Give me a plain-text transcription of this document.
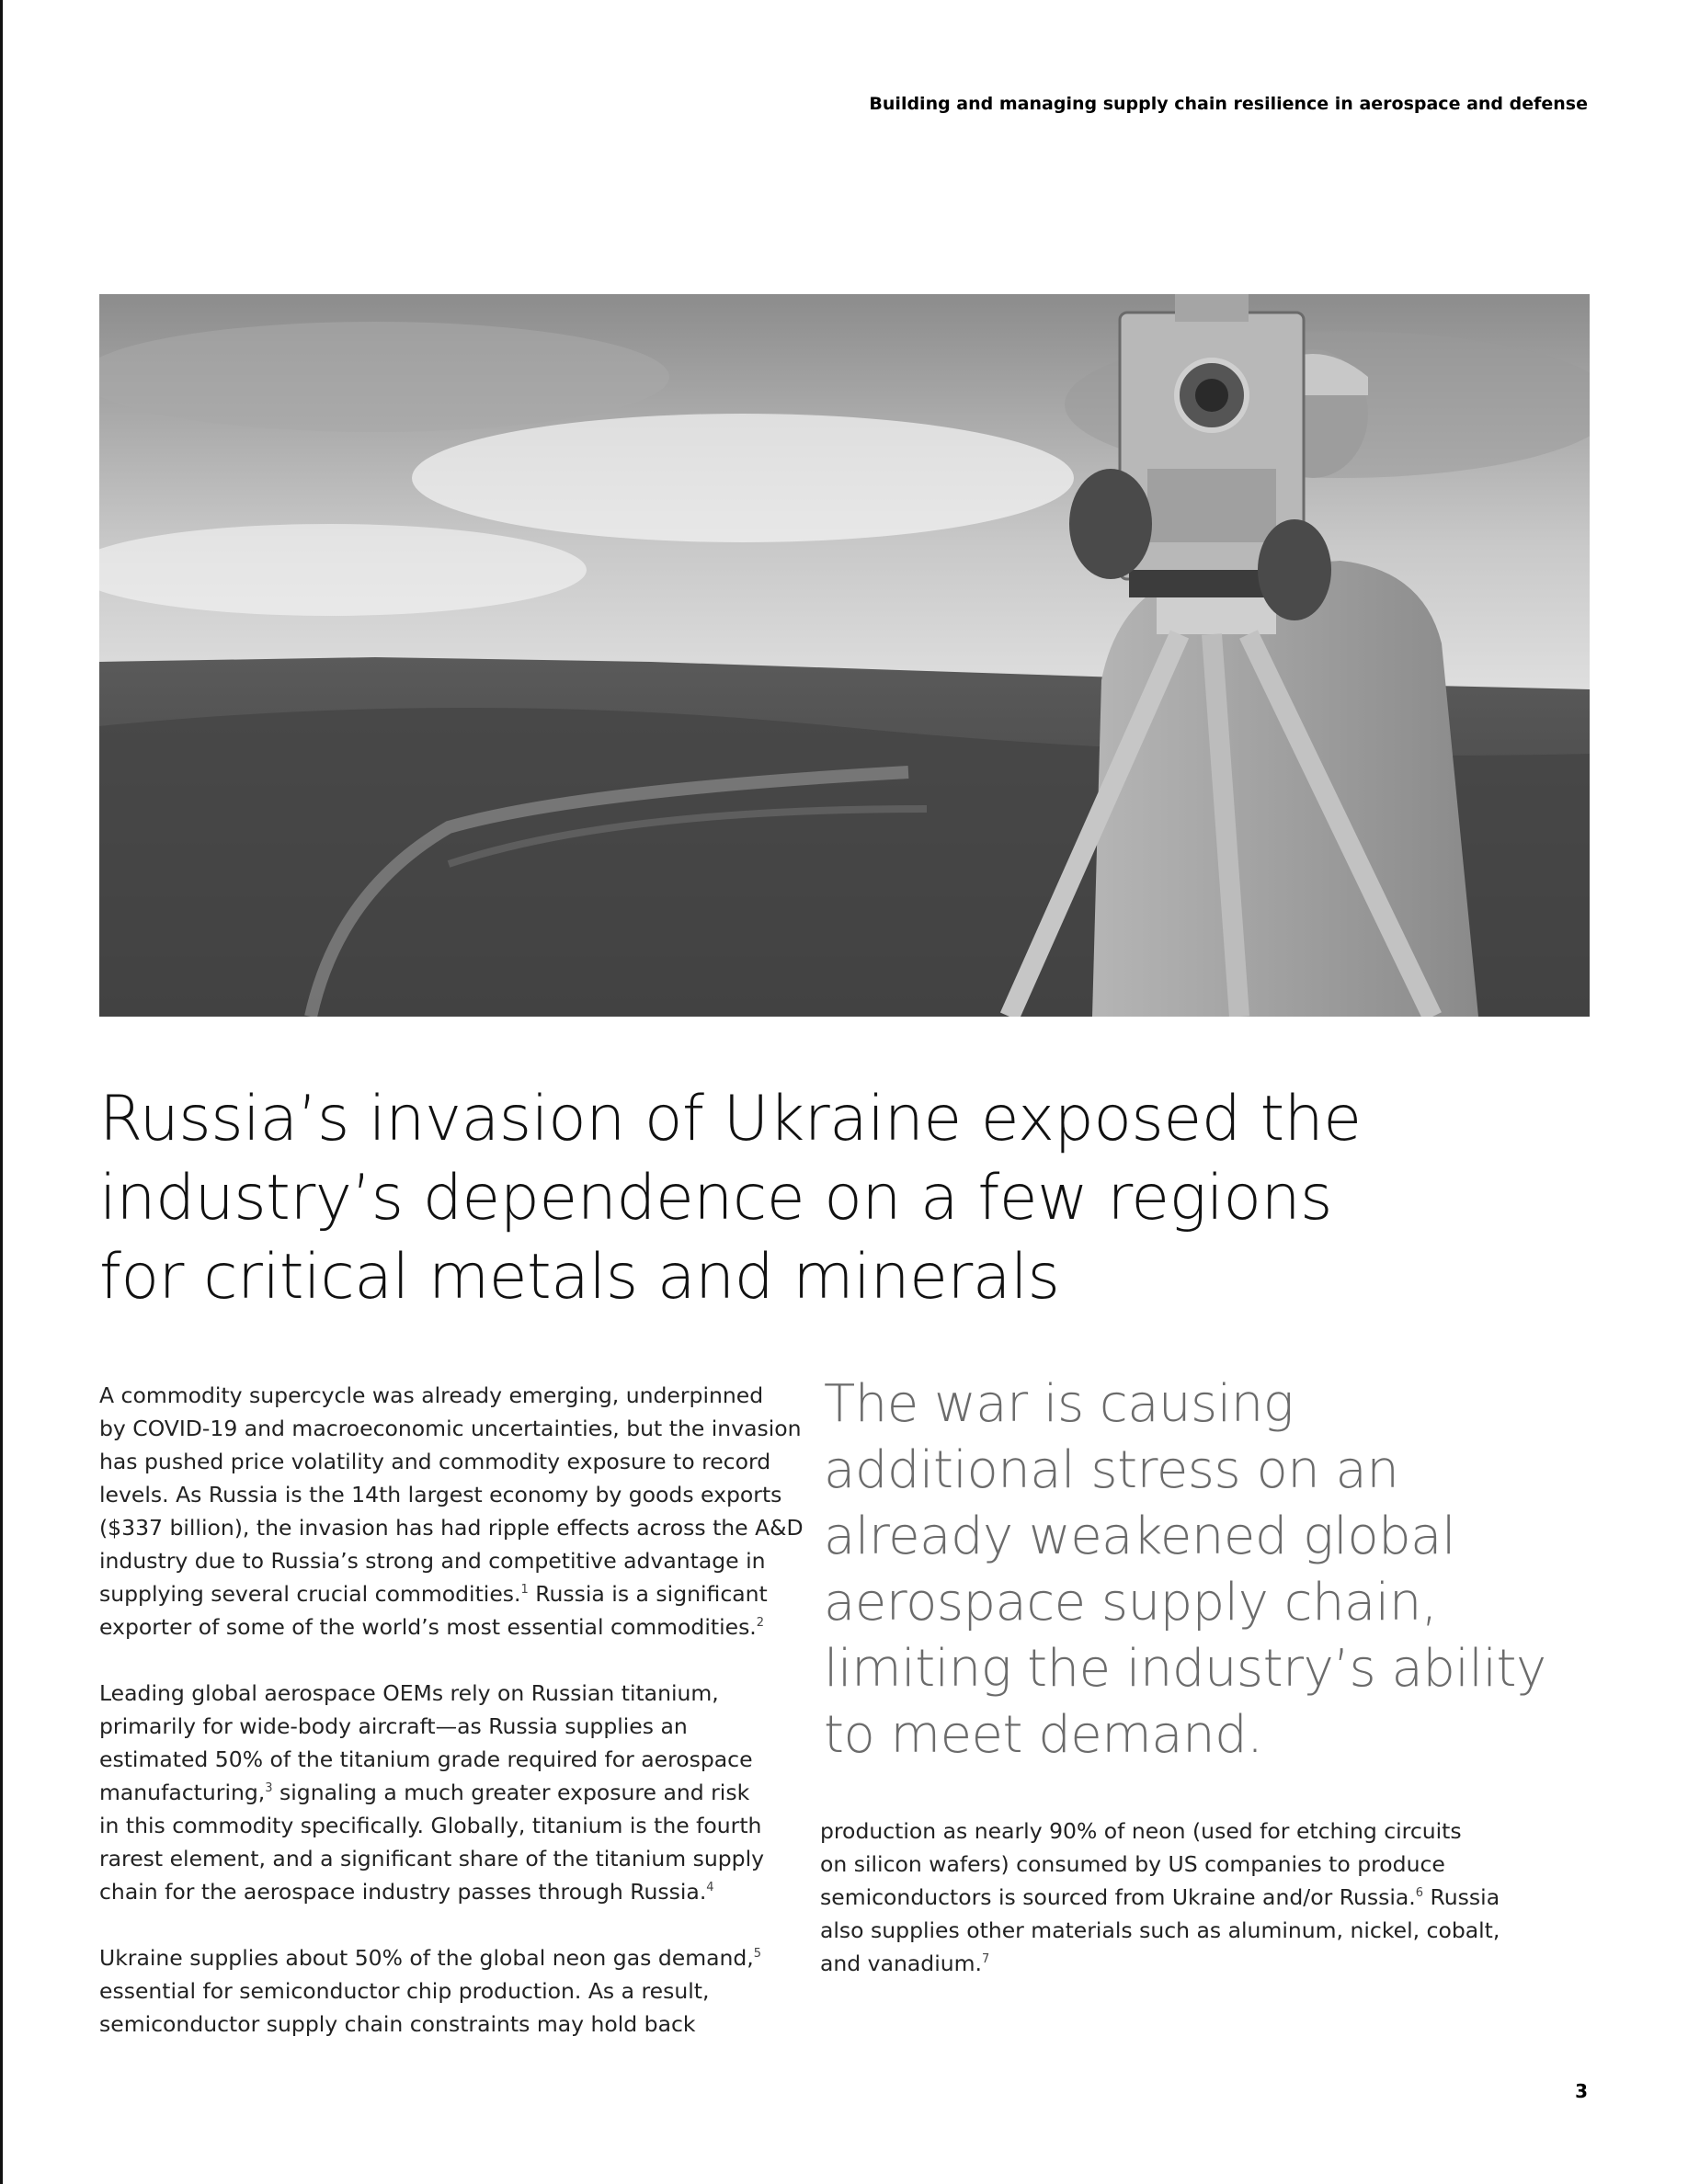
Building and managing supply chain resilience in aerospace and defense
Russia’s invasion of Ukraine exposed the
industry’s dependence on a few regions
for critical metals and minerals

A commodity supercycle was already emerging, underpinned
by COVID-19 and macroeconomic uncertainties, but the invasion
has pushed price volatility and commodity exposure to record
levels. As Russia is the 14th largest economy by goods exports
($337 billion), the invasion has had ripple effects across the A&D
industry due to Russia’s strong and competitive advantage in
supplying several crucial commodities.$^1$ Russia is a significant
exporter of some of the world’s most essential commodities.$^2$

Leading global aerospace OEMs rely on Russian titanium,
primarily for wide-body aircraft—as Russia supplies an
estimated 50% of the titanium grade required for aerospace
manufacturing,$^3$ signaling a much greater exposure and risk
in this commodity specifically. Globally, titanium is the fourth
rarest element, and a significant share of the titanium supply
chain for the aerospace industry passes through Russia.$^4$

Ukraine supplies about 50% of the global neon gas demand,$^5$
essential for semiconductor chip production. As a result,
semiconductor supply chain constraints may hold back

The war is causing
additional stress on an
already weakened global
aerospace supply chain,
limiting the industry’s ability
to meet demand.

production as nearly 90% of neon (used for etching circuits
on silicon wafers) consumed by US companies to produce
semiconductors is sourced from Ukraine and/or Russia.$^6$ Russia
also supplies other materials such as aluminum, nickel, cobalt,
and vanadium.$^7$

3
